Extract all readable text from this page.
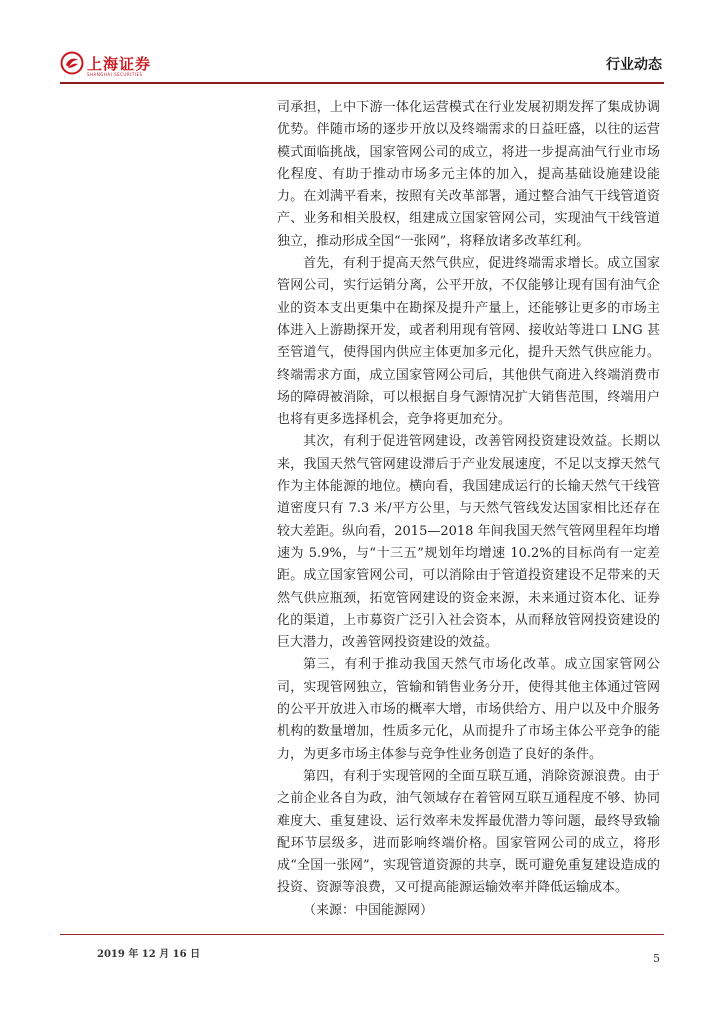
上海证券
SHANGHAI SECURITIES
行业动态

司承担，上中下游一体化运营模式在行业发展初期发挥了集成协调优势。伴随市场的逐步开放以及终端需求的日益旺盛，以往的运营模式面临挑战，国家管网公司的成立，将进一步提高油气行业市场化程度、有助于推动市场多元主体的加入，提高基础设施建设能力。在刘满平看来，按照有关改革部署，通过整合油气干线管道资产、业务和相关股权，组建成立国家管网公司，实现油气干线管道独立，推动形成全国“一张网”，将释放诸多改革红利。

首先，有利于提高天然气供应，促进终端需求增长。成立国家管网公司，实行运销分离，公平开放，不仅能够让现有国有油气企业的资本支出更集中在勘探及提升产量上，还能够让更多的市场主体进入上游勘探开发，或者利用现有管网、接收站等进口 LNG 甚至管道气，使得国内供应主体更加多元化，提升天然气供应能力。终端需求方面，成立国家管网公司后，其他供气商进入终端消费市场的障碍被消除，可以根据自身气源情况扩大销售范围，终端用户也将有更多选择机会，竞争将更加充分。

其次，有利于促进管网建设，改善管网投资建设效益。长期以来，我国天然气管网建设滞后于产业发展速度，不足以支撑天然气作为主体能源的地位。横向看，我国建成运行的长输天然气干线管道密度只有 7.3 米/平方公里，与天然气管线发达国家相比还存在较大差距。纵向看，2015—2018 年间我国天然气管网里程年均增速为 5.9%，与“十三五”规划年均增速 10.2%的目标尚有一定差距。成立国家管网公司，可以消除由于管道投资建设不足带来的天然气供应瓶颈，拓宽管网建设的资金来源，未来通过资本化、证券化的渠道，上市募资广泛引入社会资本，从而释放管网投资建设的巨大潜力，改善管网投资建设的效益。

第三，有利于推动我国天然气市场化改革。成立国家管网公司，实现管网独立，管输和销售业务分开，使得其他主体通过管网的公平开放进入市场的概率大增，市场供给方、用户以及中介服务机构的数量增加，性质多元化，从而提升了市场主体公平竞争的能力，为更多市场主体参与竞争性业务创造了良好的条件。

第四，有利于实现管网的全面互联互通，消除资源浪费。由于之前企业各自为政，油气领域存在着管网互联互通程度不够、协同难度大、重复建设、运行效率未发挥最优潜力等问题，最终导致输配环节层级多，进而影响终端价格。国家管网公司的成立，将形成“全国一张网”，实现管道资源的共享，既可避免重复建设造成的投资、资源等浪费，又可提高能源运输效率并降低运输成本。

（来源：中国能源网）

2019 年 12 月 16 日	5
